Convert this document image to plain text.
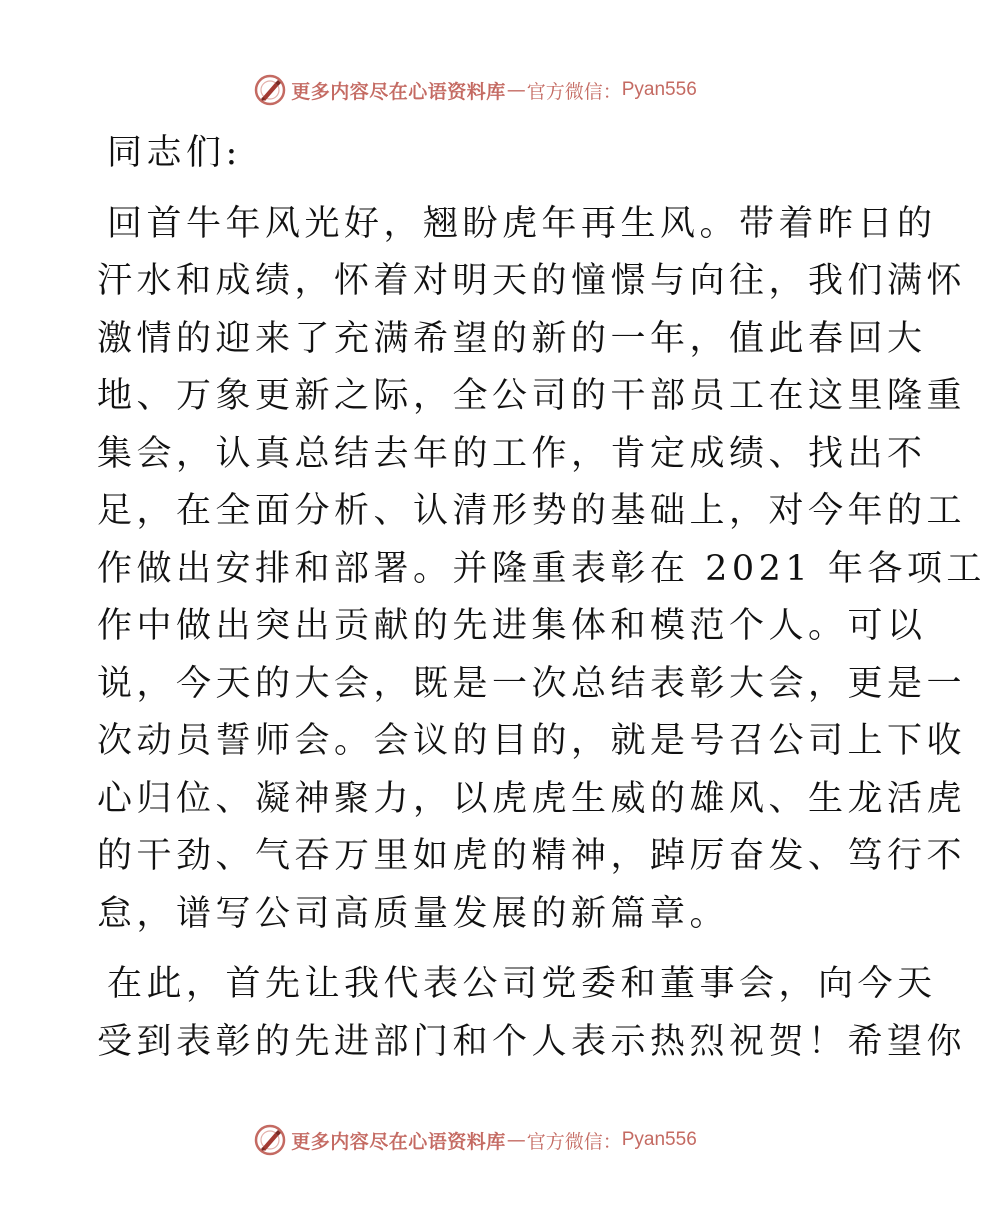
更多内容尽在心语资料库 — 官方微信： Pyan556
同志们:
回首牛年风光好，翘盼虎年再生风。带着昨日的
汗水和成绩，怀着对明天的憧憬与向往，我们满怀
激情的迎来了充满希望的新的一年，值此春回大
地、万象更新之际，全公司的干部员工在这里隆重
集会，认真总结去年的工作，肯定成绩、找出不
足，在全面分析、认清形势的基础上，对今年的工
作做出安排和部署。并隆重表彰在 2021 年各项工
作中做出突出贡献的先进集体和模范个人。可以
说，今天的大会，既是一次总结表彰大会，更是一
次动员誓师会。会议的目的，就是号召公司上下收
心归位、凝神聚力，以虎虎生威的雄风、生龙活虎
的干劲、气吞万里如虎的精神，踔厉奋发、笃行不
怠，谱写公司高质量发展的新篇章。
在此，首先让我代表公司党委和董事会，向今天
受到表彰的先进部门和个人表示热烈祝贺！希望你
更多内容尽在心语资料库 — 官方微信： Pyan556
